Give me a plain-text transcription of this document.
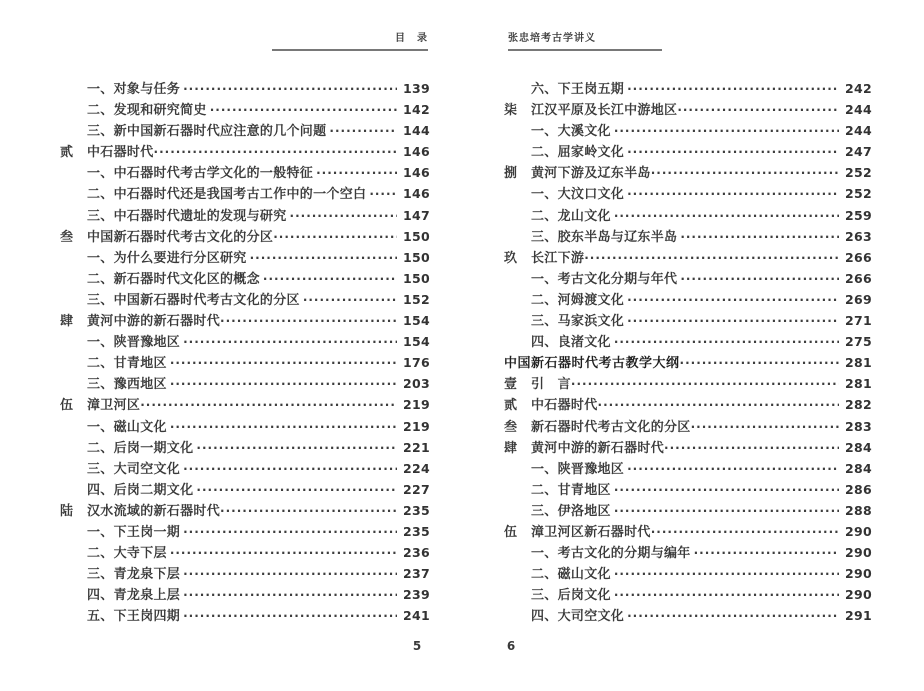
目　录	张忠培考古学讲义
一、对象与任务 ·····	139
二、发现和研究简史 ·····	142
三、新中国新石器时代应注意的几个问题 ·····	144
贰	中石器时代 ·····	146
一、中石器时代考古学文化的一般特征 ·····	146
二、中石器时代还是我国考古工作中的一个空白 ·····	146
三、中石器时代遗址的发现与研究 ·····	147
叁	中国新石器时代考古文化的分区 ·····	150
一、为什么要进行分区研究 ·····	150
二、新石器时代文化区的概念 ·····	150
三、中国新石器时代考古文化的分区 ·····	152
肆	黄河中游的新石器时代 ·····	154
一、陕晋豫地区 ·····	154
二、甘青地区 ·····	176
三、豫西地区 ·····	203
伍	漳卫河区 ·····	219
一、磁山文化 ·····	219
二、后岗一期文化 ·····	221
三、大司空文化 ·····	224
四、后岗二期文化 ·····	227
陆	汉水流域的新石器时代 ·····	235
一、下王岗一期 ·····	235
二、大寺下层 ·····	236
三、青龙泉下层 ·····	237
四、青龙泉上层 ·····	239
五、下王岗四期 ·····	241
六、下王岗五期 ·····	242
柒	江汉平原及长江中游地区 ·····	244
一、大溪文化 ·····	244
二、屈家岭文化 ·····	247
捌	黄河下游及辽东半岛 ·····	252
一、大汶口文化 ·····	252
二、龙山文化 ·····	259
三、胶东半岛与辽东半岛 ·····	263
玖	长江下游 ·····	266
一、考古文化分期与年代 ·····	266
二、河姆渡文化 ·····	269
三、马家浜文化 ·····	271
四、良渚文化 ·····	275
中国新石器时代考古教学大纲 ·····	281
壹	引　言 ·····	281
贰	中石器时代 ·····	282
叁	新石器时代考古文化的分区 ·····	283
肆	黄河中游的新石器时代 ·····	284
一、陕晋豫地区 ·····	284
二、甘青地区 ·····	286
三、伊洛地区 ·····	288
伍	漳卫河区新石器时代 ·····	290
一、考古文化的分期与编年 ·····	290
二、磁山文化 ·····	290
三、后岗文化 ·····	290
四、大司空文化 ·····	291
5	6
